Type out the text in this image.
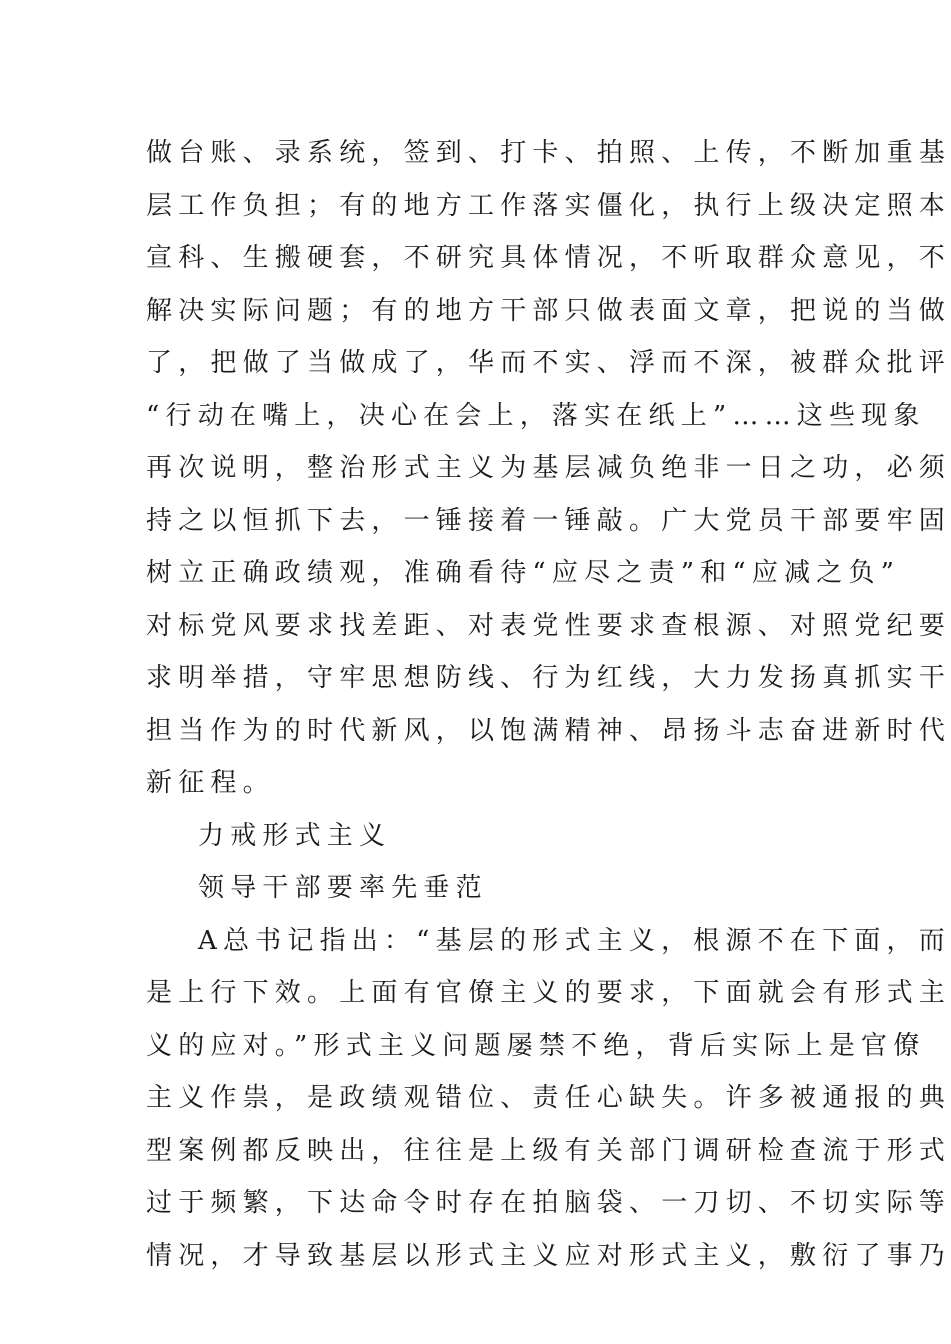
做台账、录系统，签到、打卡、拍照、上传，不断加重基
层工作负担；有的地方工作落实僵化，执行上级决定照本
宣科、生搬硬套，不研究具体情况，不听取群众意见，不
解决实际问题；有的地方干部只做表面文章，把说的当做
了，把做了当做成了，华而不实、浮而不深，被群众批评
“行动在嘴上，决心在会上，落实在纸上”……这些现象
再次说明，整治形式主义为基层减负绝非一日之功，必须
持之以恒抓下去，一锤接着一锤敲。广大党员干部要牢固
树立正确政绩观，准确看待“应尽之责”和“应减之负”
对标党风要求找差距、对表党性要求查根源、对照党纪要
求明举措，守牢思想防线、行为红线，大力发扬真抓实干
担当作为的时代新风，以饱满精神、昂扬斗志奋进新时代
新征程。
力戒形式主义
领导干部要率先垂范
A总书记指出：“基层的形式主义，根源不在下面，而
是上行下效。上面有官僚主义的要求，下面就会有形式主
义的应对。”形式主义问题屡禁不绝，背后实际上是官僚
主义作祟，是政绩观错位、责任心缺失。许多被通报的典
型案例都反映出，往往是上级有关部门调研检查流于形式
过于频繁，下达命令时存在拍脑袋、一刀切、不切实际等
情况，才导致基层以形式主义应对形式主义，敷衍了事乃
